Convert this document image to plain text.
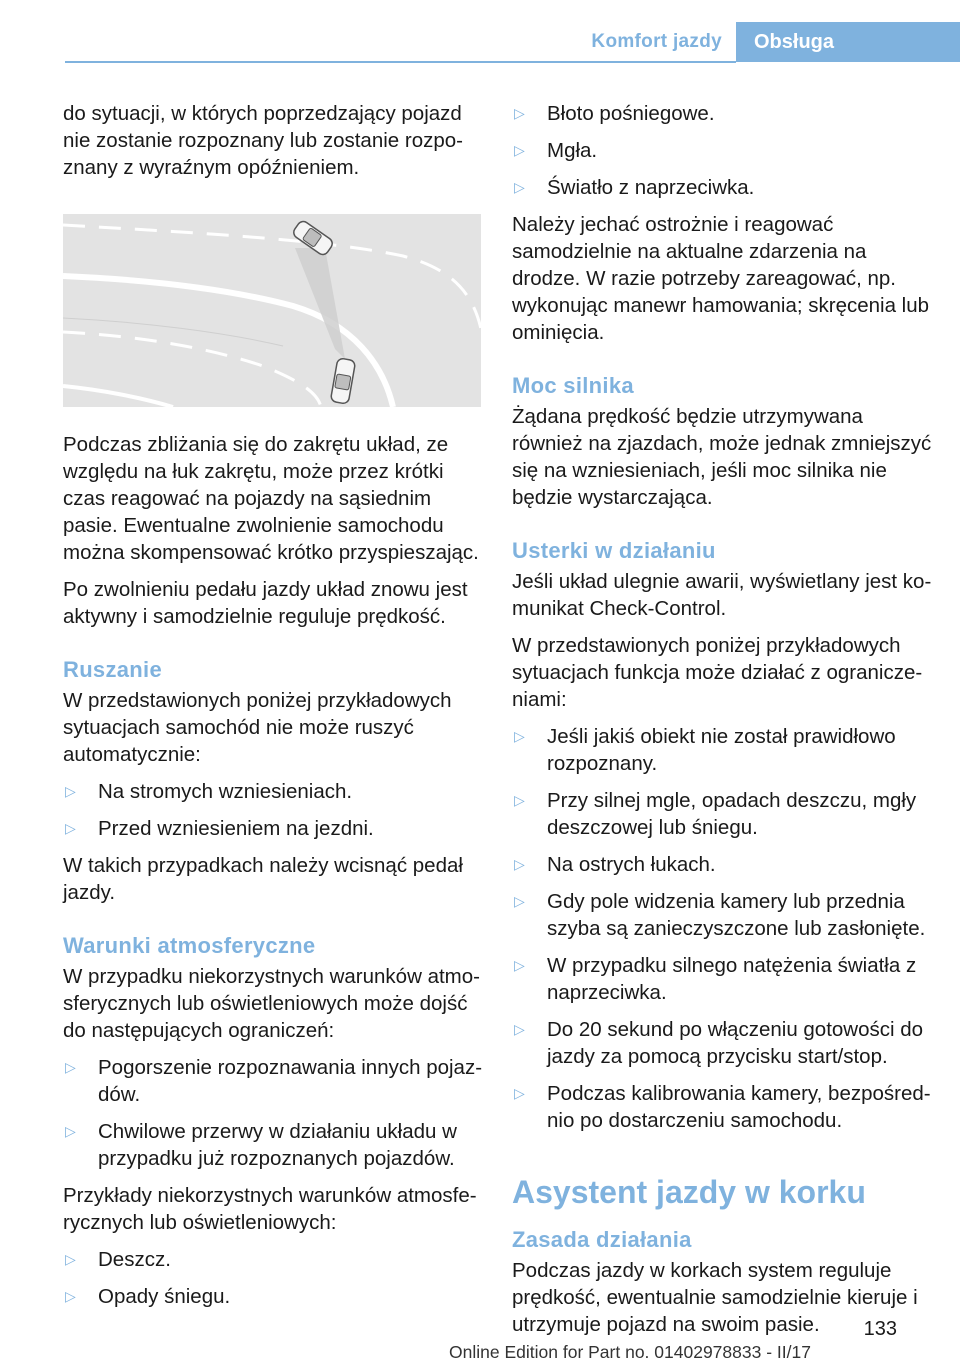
Komfort jazdy	Obsługa

do sytuacji, w których poprzedzający pojazd nie zostanie rozpoznany lub zostanie rozpoznany z wyraźnym opóźnieniem.

Podczas zbliżania się do zakrętu układ, ze względu na łuk zakrętu, może przez krótki czas reagować na pojazdy na sąsiednim pasie. Ewentualne zwolnienie samochodu można skompensować krótko przyspieszając.

Po zwolnieniu pedału jazdy układ znowu jest aktywny i samodzielnie reguluje prędkość.

Ruszanie

W przedstawionych poniżej przykładowych sytuacjach samochód nie może ruszyć automatycznie:

▷ Na stromych wzniesieniach.
▷ Przed wzniesieniem na jezdni.

W takich przypadkach należy wcisnąć pedał jazdy.

Warunki atmosferyczne

W przypadku niekorzystnych warunków atmosferycznych lub oświetleniowych może dojść do następujących ograniczeń:

▷ Pogorszenie rozpoznawania innych pojazdów.
▷ Chwilowe przerwy w działaniu układu w przypadku już rozpoznanych pojazdów.

Przykłady niekorzystnych warunków atmosferycznych lub oświetleniowych:

▷ Deszcz.
▷ Opady śniegu.
▷ Błoto pośniegowe.
▷ Mgła.
▷ Światło z naprzeciwka.

Należy jechać ostrożnie i reagować samodzielnie na aktualne zdarzenia na drodze. W razie potrzeby zareagować, np. wykonując manewr hamowania; skręcenia lub ominięcia.

Moc silnika

Żądana prędkość będzie utrzymywana również na zjazdach, może jednak zmniejszyć się na wzniesieniach, jeśli moc silnika nie będzie wystarczająca.

Usterki w działaniu

Jeśli układ ulegnie awarii, wyświetlany jest komunikat Check-Control.

W przedstawionych poniżej przykładowych sytuacjach funkcja może działać z ograniczeniami:

▷ Jeśli jakiś obiekt nie został prawidłowo rozpoznany.
▷ Przy silnej mgle, opadach deszczu, mgły deszczowej lub śniegu.
▷ Na ostrych łukach.
▷ Gdy pole widzenia kamery lub przednia szyba są zanieczyszczone lub zasłonięte.
▷ W przypadku silnego natężenia światła z naprzeciwka.
▷ Do 20 sekund po włączeniu gotowości do jazdy za pomocą przycisku start/stop.
▷ Podczas kalibrowania kamery, bezpośrednio po dostarczeniu samochodu.
Asystent jazdy w korku
Zasada działania

Podczas jazdy w korkach system reguluje prędkość, ewentualnie samodzielnie kieruje i utrzymuje pojazd na swoim pasie.	133
Online Edition for Part no. 01402978833 - II/17
